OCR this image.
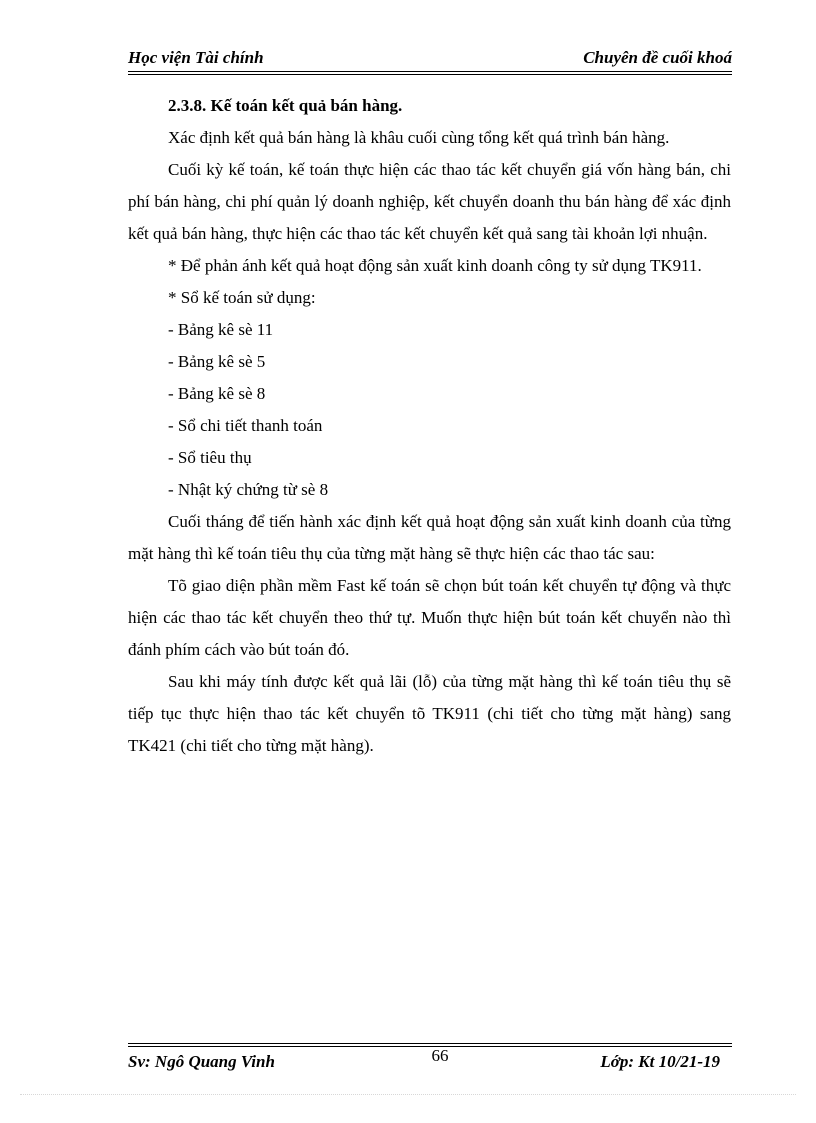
Học viện Tài chính	Chuyên đề cuối khoá

2.3.8. Kế toán kết quả bán hàng.

Xác định kết quả bán hàng là khâu cuối cùng tổng kết quá trình bán hàng.

Cuối kỳ kế toán, kế toán thực hiện các thao tác kết chuyển giá vốn hàng bán, chi phí bán hàng, chi phí quản lý doanh nghiệp, kết chuyển doanh thu bán hàng để xác định kết quả bán hàng, thực hiện các thao tác kết chuyển kết quả sang tài khoản lợi nhuận.

* Để phản ánh kết quả hoạt động sản xuất kinh doanh công ty sử dụng TK911.

* Sổ kế toán sử dụng:

- Bảng kê sè 11

- Bảng kê sè 5

- Bảng kê sè 8

- Sổ chi tiết thanh toán

- Sổ tiêu thụ

- Nhật ký chứng từ sè 8

Cuối tháng để tiến hành xác định kết quả hoạt động sản xuất kinh doanh của từng mặt hàng thì kế toán tiêu thụ của từng mặt hàng sẽ thực hiện các thao tác sau:

Tõ giao diện phần mềm Fast kế toán sẽ chọn bút toán kết chuyển tự động và thực hiện các thao tác kết chuyển theo thứ tự. Muốn thực hiện bút toán kết chuyển nào thì đánh phím cách vào bút toán đó.

Sau khi máy tính được kết quả lãi (lỗ) của từng mặt hàng thì kế toán tiêu thụ sẽ tiếp tục thực hiện thao tác kết chuyển tõ TK911 (chi tiết cho từng mặt hàng) sang TK421 (chi tiết cho từng mặt hàng).

Sv: Ngô Quang Vinh	66	Lớp: Kt 10/21-19
